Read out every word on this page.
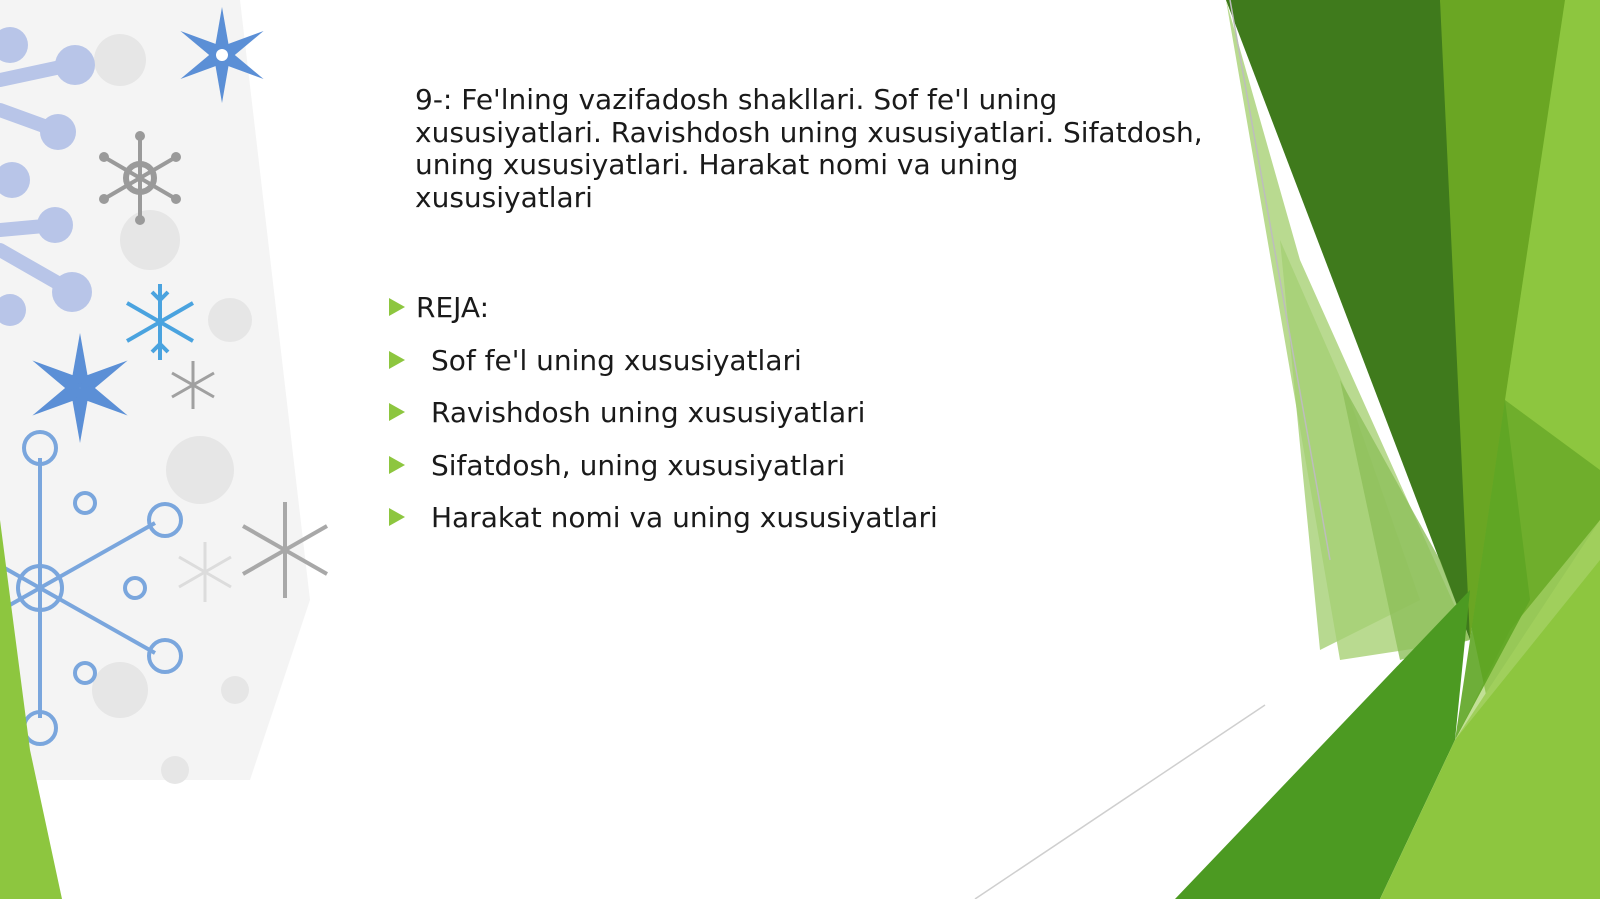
9-: Fe'lning vazifadosh shakllari. Sof fe'l uning
xususiyatlari. Ravishdosh uning xususiyatlari. Sifatdosh,
uning xususiyatlari. Harakat nomi va uning
xususiyatlari
REJA:
Sof fe'l uning xususiyatlari
Ravishdosh uning xususiyatlari
Sifatdosh, uning xususiyatlari
Harakat nomi va uning xususiyatlari
